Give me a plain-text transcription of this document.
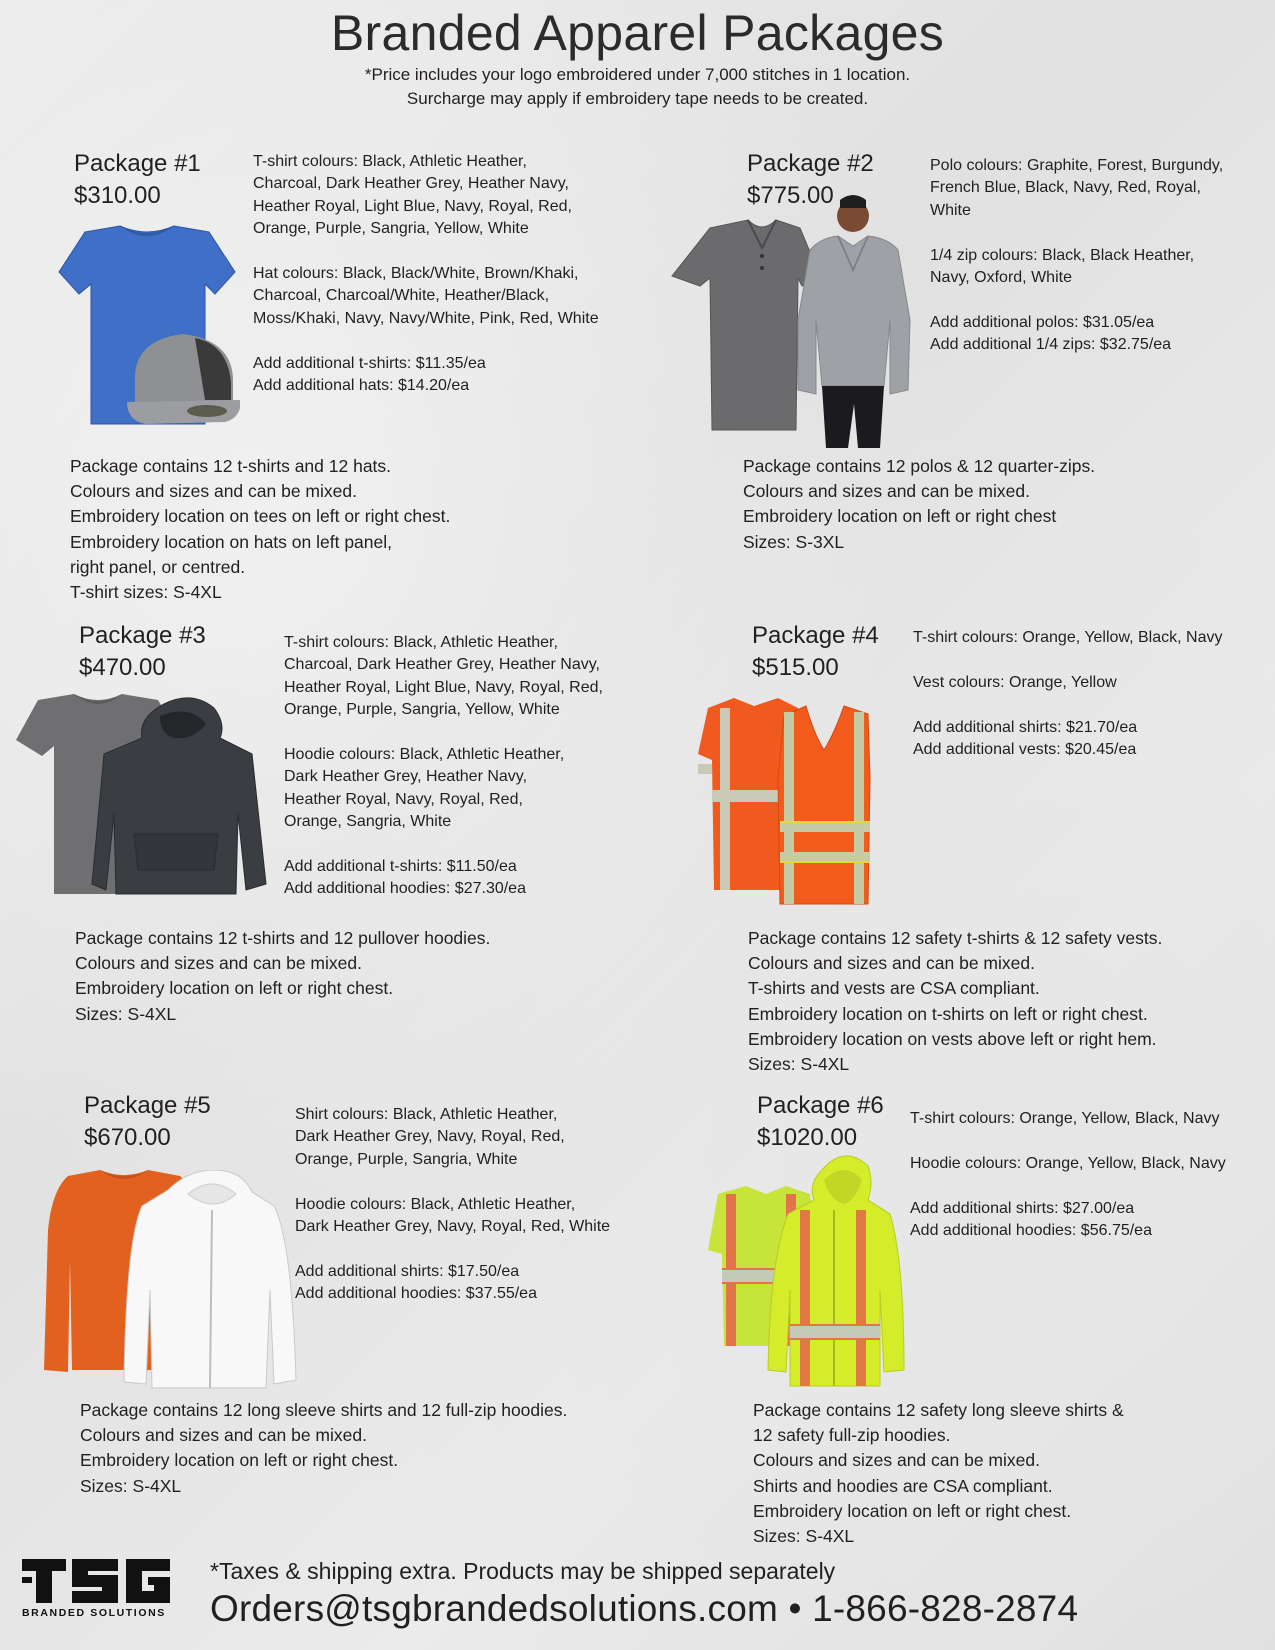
Branded Apparel Packages
*Price includes your logo embroidered under 7,000 stitches in 1 location.
Surcharge may apply if embroidery tape needs to be created.
Package #1
$310.00

T-shirt colours: Black, Athletic Heather,
Charcoal, Dark Heather Grey, Heather Navy,
Heather Royal, Light Blue, Navy, Royal, Red,
Orange, Purple, Sangria, Yellow, White

Hat colours: Black, Black/White, Brown/Khaki,
Charcoal, Charcoal/White, Heather/Black,
Moss/Khaki, Navy, Navy/White, Pink, Red, White

Add additional t-shirts: $11.35/ea
Add additional hats: $14.20/ea

Package contains 12 t-shirts and 12 hats.
Colours and sizes and can be mixed.
Embroidery location on tees on left or right chest.
Embroidery location on hats on left panel,
right panel, or centred.
T-shirt sizes: S-4XL
Package #2
$775.00

Polo colours: Graphite, Forest, Burgundy,
French Blue, Black, Navy, Red, Royal,
White

1/4 zip colours: Black, Black Heather,
Navy, Oxford, White

Add additional polos: $31.05/ea
Add additional 1/4 zips: $32.75/ea

Package contains 12 polos & 12 quarter-zips.
Colours and sizes and can be mixed.
Embroidery location on left or right chest
Sizes: S-3XL
Package #3
$470.00

T-shirt colours: Black, Athletic Heather,
Charcoal, Dark Heather Grey, Heather Navy,
Heather Royal, Light Blue, Navy, Royal, Red,
Orange, Purple, Sangria, Yellow, White

Hoodie colours: Black, Athletic Heather,
Dark Heather Grey, Heather Navy,
Heather Royal, Navy, Royal, Red,
Orange, Sangria, White

Add additional t-shirts: $11.50/ea
Add additional hoodies: $27.30/ea

Package contains 12 t-shirts and 12 pullover hoodies.
Colours and sizes and can be mixed.
Embroidery location on left or right chest.
Sizes: S-4XL
Package #4
$515.00

T-shirt colours: Orange, Yellow, Black, Navy

Vest colours: Orange, Yellow

Add additional shirts: $21.70/ea
Add additional vests: $20.45/ea

Package contains 12 safety t-shirts & 12 safety vests.
Colours and sizes and can be mixed.
T-shirts and vests are CSA compliant.
Embroidery location on t-shirts on left or right chest.
Embroidery location on vests above left or right hem.
Sizes: S-4XL
Package #5
$670.00

Shirt colours: Black, Athletic Heather,
Dark Heather Grey, Navy, Royal, Red,
Orange, Purple, Sangria, White

Hoodie colours: Black, Athletic Heather,
Dark Heather Grey, Navy, Royal, Red, White

Add additional shirts: $17.50/ea
Add additional hoodies: $37.55/ea

Package contains 12 long sleeve shirts and 12 full-zip hoodies.
Colours and sizes and can be mixed.
Embroidery location on left or right chest.
Sizes: S-4XL
Package #6
$1020.00

T-shirt colours: Orange, Yellow, Black, Navy

Hoodie colours: Orange, Yellow, Black, Navy

Add additional shirts: $27.00/ea
Add additional hoodies: $56.75/ea

Package contains 12 safety long sleeve shirts &
12 safety full-zip hoodies.
Colours and sizes and can be mixed.
Shirts and hoodies are CSA compliant.
Embroidery location on left or right chest.
Sizes: S-4XL
BRANDED SOLUTIONS
*Taxes & shipping extra. Products may be shipped separately
Orders@tsgbrandedsolutions.com • 1-866-828-2874
